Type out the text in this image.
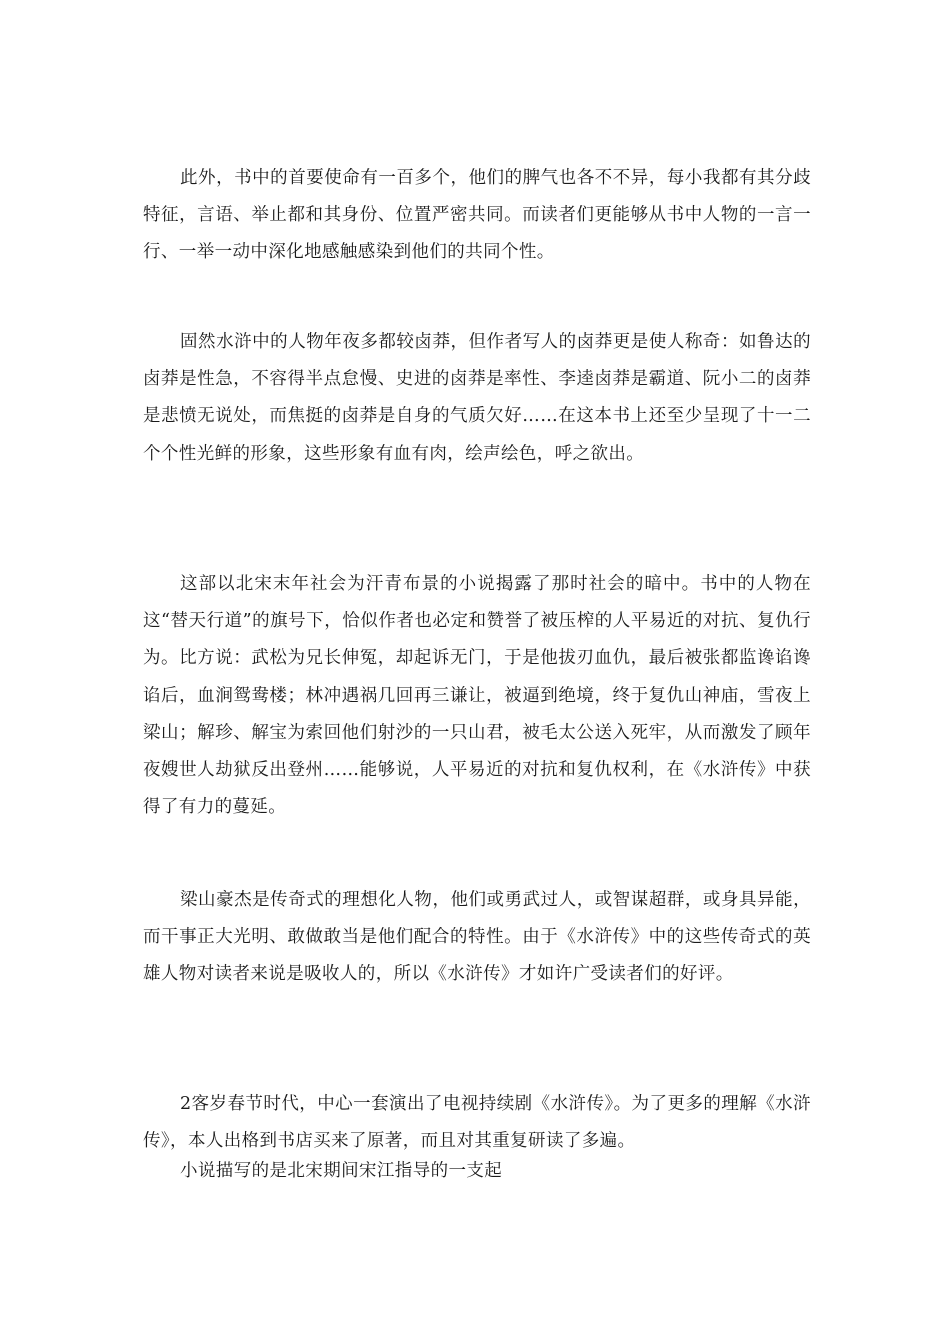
此外，书中的首要使命有一百多个，他们的脾气也各不不异，每小我都有其分歧特征，言语、举止都和其身份、位置严密共同。而读者们更能够从书中人物的一言一行、一举一动中深化地感触感染到他们的共同个性。

固然水浒中的人物年夜多都较卤莽，但作者写人的卤莽更是使人称奇：如鲁达的卤莽是性急，不容得半点怠慢、史进的卤莽是率性、李逵卤莽是霸道、阮小二的卤莽是悲愤无说处，而焦挺的卤莽是自身的气质欠好……在这本书上还至少呈现了十一二个个性光鲜的形象，这些形象有血有肉，绘声绘色，呼之欲出。

这部以北宋末年社会为汗青布景的小说揭露了那时社会的暗中。书中的人物在这“替天行道”的旗号下，恰似作者也必定和赞誉了被压榨的人平易近的对抗、复仇行为。比方说：武松为兄长伸冤，却起诉无门，于是他拔刃血仇，最后被张都监谗谄谗谄后，血涧鸳鸯楼；林冲遇祸几回再三谦让，被逼到绝境，终于复仇山神庙，雪夜上梁山；解珍、解宝为索回他们射沙的一只山君，被毛太公送入死牢，从而激发了顾年夜嫂世人劫狱反出登州……能够说，人平易近的对抗和复仇权利，在《水浒传》中获得了有力的蔓延。

梁山豪杰是传奇式的理想化人物，他们或勇武过人，或智谋超群，或身具异能，而干事正大光明、敢做敢当是他们配合的特性。由于《水浒传》中的这些传奇式的英雄人物对读者来说是吸收人的，所以《水浒传》才如许广受读者们的好评。

2客岁春节时代，中心一套演出了电视持续剧《水浒传》。为了更多的理解《水浒传》，本人出格到书店买来了原著，而且对其重复研读了多遍。

小说描写的是北宋期间宋江指导的一支起
